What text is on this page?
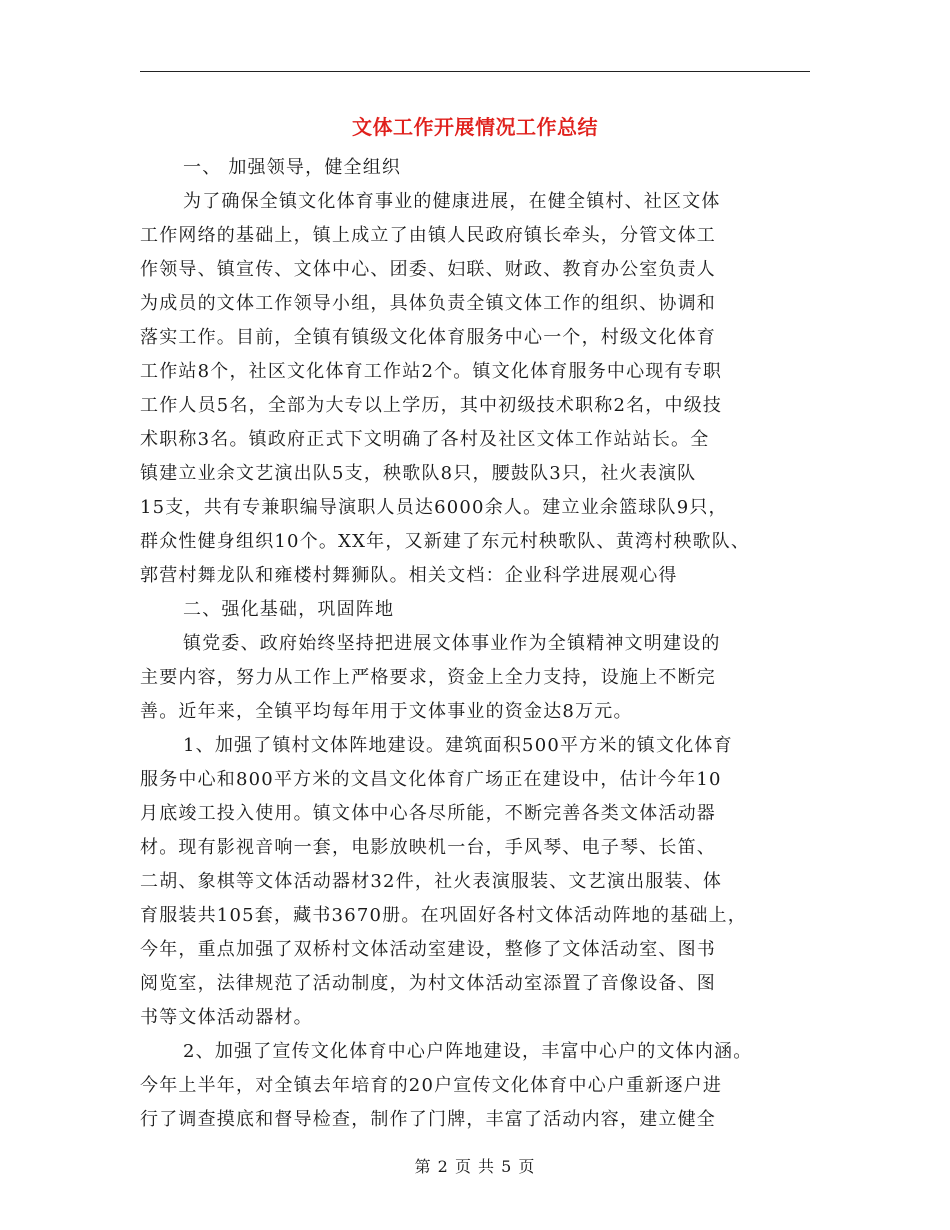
文体工作开展情况工作总结
一、 加强领导，健全组织
为了确保全镇文化体育事业的健康进展，在健全镇村、社区文体
工作网络的基础上，镇上成立了由镇人民政府镇长牵头，分管文体工
作领导、镇宣传、文体中心、团委、妇联、财政、教育办公室负责人
为成员的文体工作领导小组，具体负责全镇文体工作的组织、协调和
落实工作。目前，全镇有镇级文化体育服务中心一个，村级文化体育
工作站8个，社区文化体育工作站2个。镇文化体育服务中心现有专职
工作人员5名，全部为大专以上学历，其中初级技术职称2名，中级技
术职称3名。镇政府正式下文明确了各村及社区文体工作站站长。全
镇建立业余文艺演出队5支，秧歌队8只，腰鼓队3只，社火表演队
15支，共有专兼职编导演职人员达6000余人。建立业余篮球队9只，
群众性健身组织10个。XX年，又新建了东元村秧歌队、黄湾村秧歌队、
郭营村舞龙队和雍楼村舞狮队。相关文档：企业科学进展观心得
二、强化基础，巩固阵地
镇党委、政府始终坚持把进展文体事业作为全镇精神文明建设的
主要内容，努力从工作上严格要求，资金上全力支持，设施上不断完
善。近年来，全镇平均每年用于文体事业的资金达8万元。
1、加强了镇村文体阵地建设。建筑面积500平方米的镇文化体育
服务中心和800平方米的文昌文化体育广场正在建设中，估计今年10
月底竣工投入使用。镇文体中心各尽所能，不断完善各类文体活动器
材。现有影视音响一套，电影放映机一台，手风琴、电子琴、长笛、
二胡、象棋等文体活动器材32件，社火表演服装、文艺演出服装、体
育服装共105套，藏书3670册。在巩固好各村文体活动阵地的基础上，
今年，重点加强了双桥村文体活动室建设，整修了文体活动室、图书
阅览室，法律规范了活动制度，为村文体活动室添置了音像设备、图
书等文体活动器材。
2、加强了宣传文化体育中心户阵地建设，丰富中心户的文体内涵。
今年上半年，对全镇去年培育的20户宣传文化体育中心户重新逐户进
行了调查摸底和督导检查，制作了门牌，丰富了活动内容，建立健全
第 2 页 共 5 页
